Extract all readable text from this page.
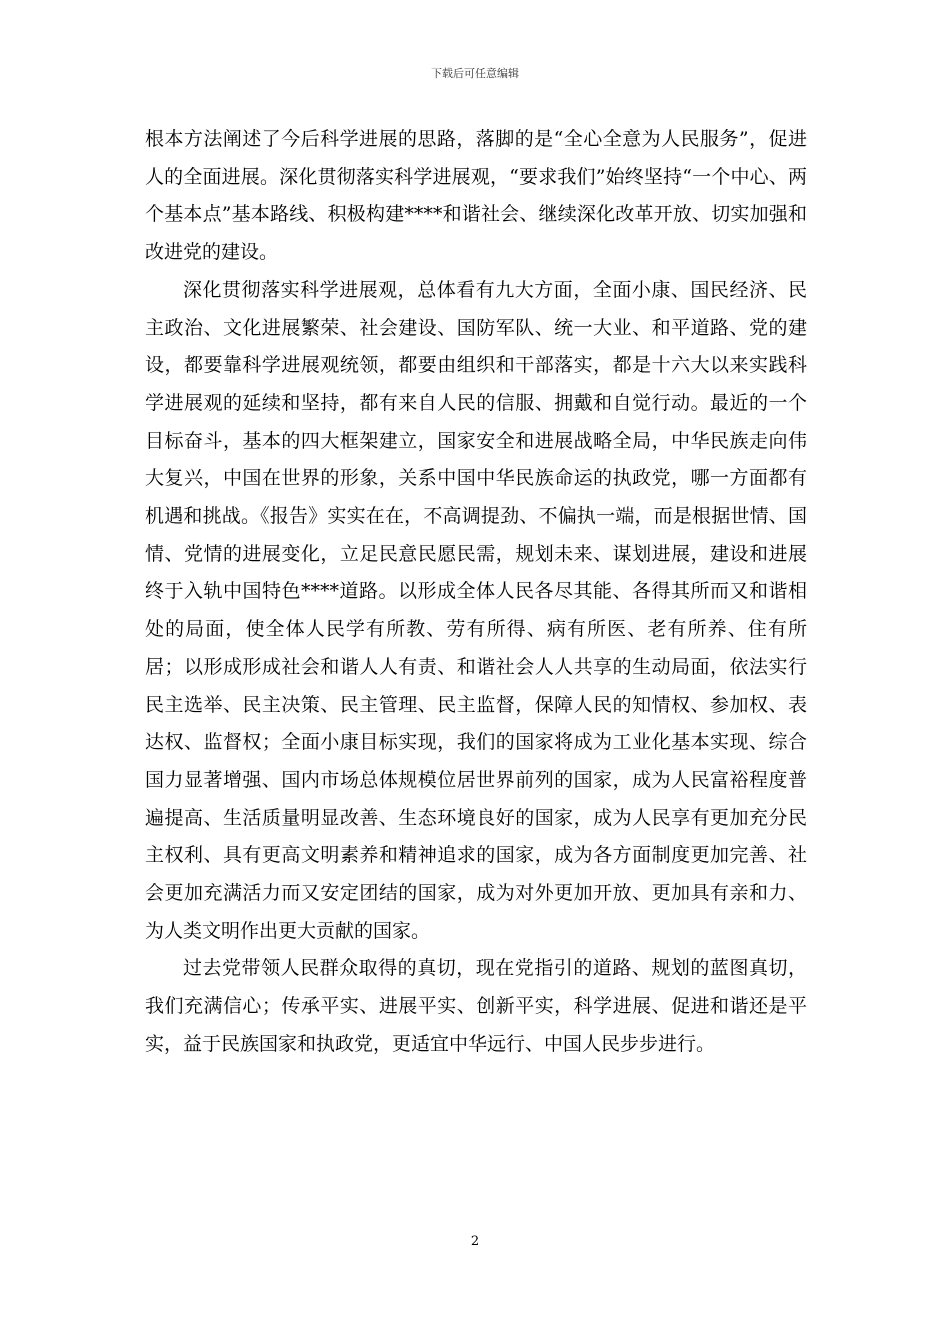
下载后可任意编辑

根本方法阐述了今后科学进展的思路，落脚的是“全心全意为人民服务”，促进人的全面进展。深化贯彻落实科学进展观，“要求我们”始终坚持“一个中心、两个基本点”基本路线、积极构建****和谐社会、继续深化改革开放、切实加强和改进党的建设。

深化贯彻落实科学进展观，总体看有九大方面，全面小康、国民经济、民主政治、文化进展繁荣、社会建设、国防军队、统一大业、和平道路、党的建设，都要靠科学进展观统领，都要由组织和干部落实，都是十六大以来实践科学进展观的延续和坚持，都有来自人民的信服、拥戴和自觉行动。最近的一个目标奋斗，基本的四大框架建立，国家安全和进展战略全局，中华民族走向伟大复兴，中国在世界的形象，关系中国中华民族命运的执政党，哪一方面都有机遇和挑战。《报告》实实在在，不高调提劲、不偏执一端，而是根据世情、国情、党情的进展变化，立足民意民愿民需，规划未来、谋划进展，建设和进展终于入轨中国特色****道路。以形成全体人民各尽其能、各得其所而又和谐相处的局面，使全体人民学有所教、劳有所得、病有所医、老有所养、住有所居；以形成形成社会和谐人人有责、和谐社会人人共享的生动局面，依法实行民主选举、民主决策、民主管理、民主监督，保障人民的知情权、参加权、表达权、监督权；全面小康目标实现，我们的国家将成为工业化基本实现、综合国力显著增强、国内市场总体规模位居世界前列的国家，成为人民富裕程度普遍提高、生活质量明显改善、生态环境良好的国家，成为人民享有更加充分民主权利、具有更高文明素养和精神追求的国家，成为各方面制度更加完善、社会更加充满活力而又安定团结的国家，成为对外更加开放、更加具有亲和力、为人类文明作出更大贡献的国家。

过去党带领人民群众取得的真切，现在党指引的道路、规划的蓝图真切，我们充满信心；传承平实、进展平实、创新平实，科学进展、促进和谐还是平实，益于民族国家和执政党，更适宜中华远行、中国人民步步进行。

2
